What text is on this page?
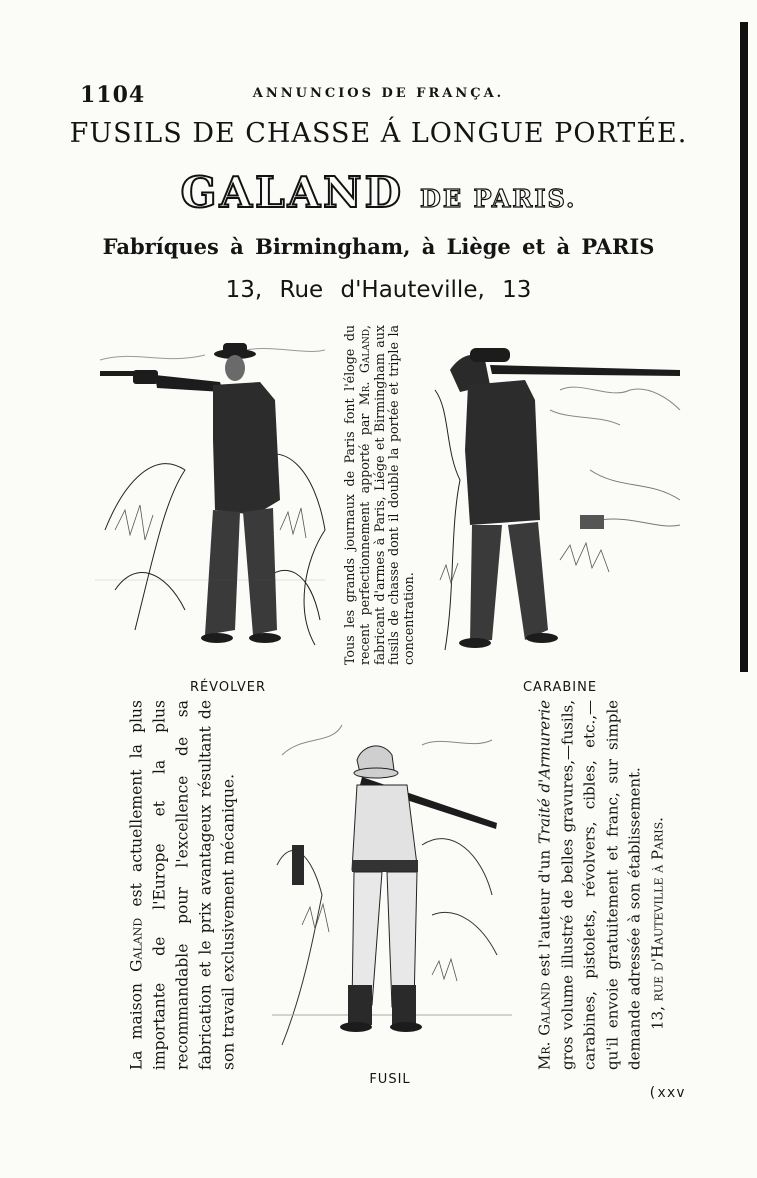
1104	ANNUNCIOS DE FRANÇA.
FUSILS DE CHASSE Á LONGUE PORTÉE.
GALAND DE PARIS.
Fabríques à Birmingham, à Liège et à PARIS
13, Rue d'Hauteville, 13

Tous les grands journaux de Paris font l'éloge du recent perfectionnement apporté par Mr. Galand, fabricant d'armes à Paris, Liége et Birmingham aux fusils de chasse dont il double la portée et triple la concentration.

RÉVOLVER	CARABINE

La maison Galand est actuellement la plus importante de l'Europe et la plus recommandable pour l'excellence de sa fabrication et le prix avantageux résultant de son travail exclusivement mécanique.	Mr. Galand est l'auteur d'un Traité d'Armurerie gros volume illustré de belles gravures,—fusils, carabines, pistolets, révolvers, cibles, etc.,—qu'il envoie gratuitement et franc, sur simple demande adressée à son établissement. 13, rue d'Hauteville à Paris.

FUSIL
(xxv
